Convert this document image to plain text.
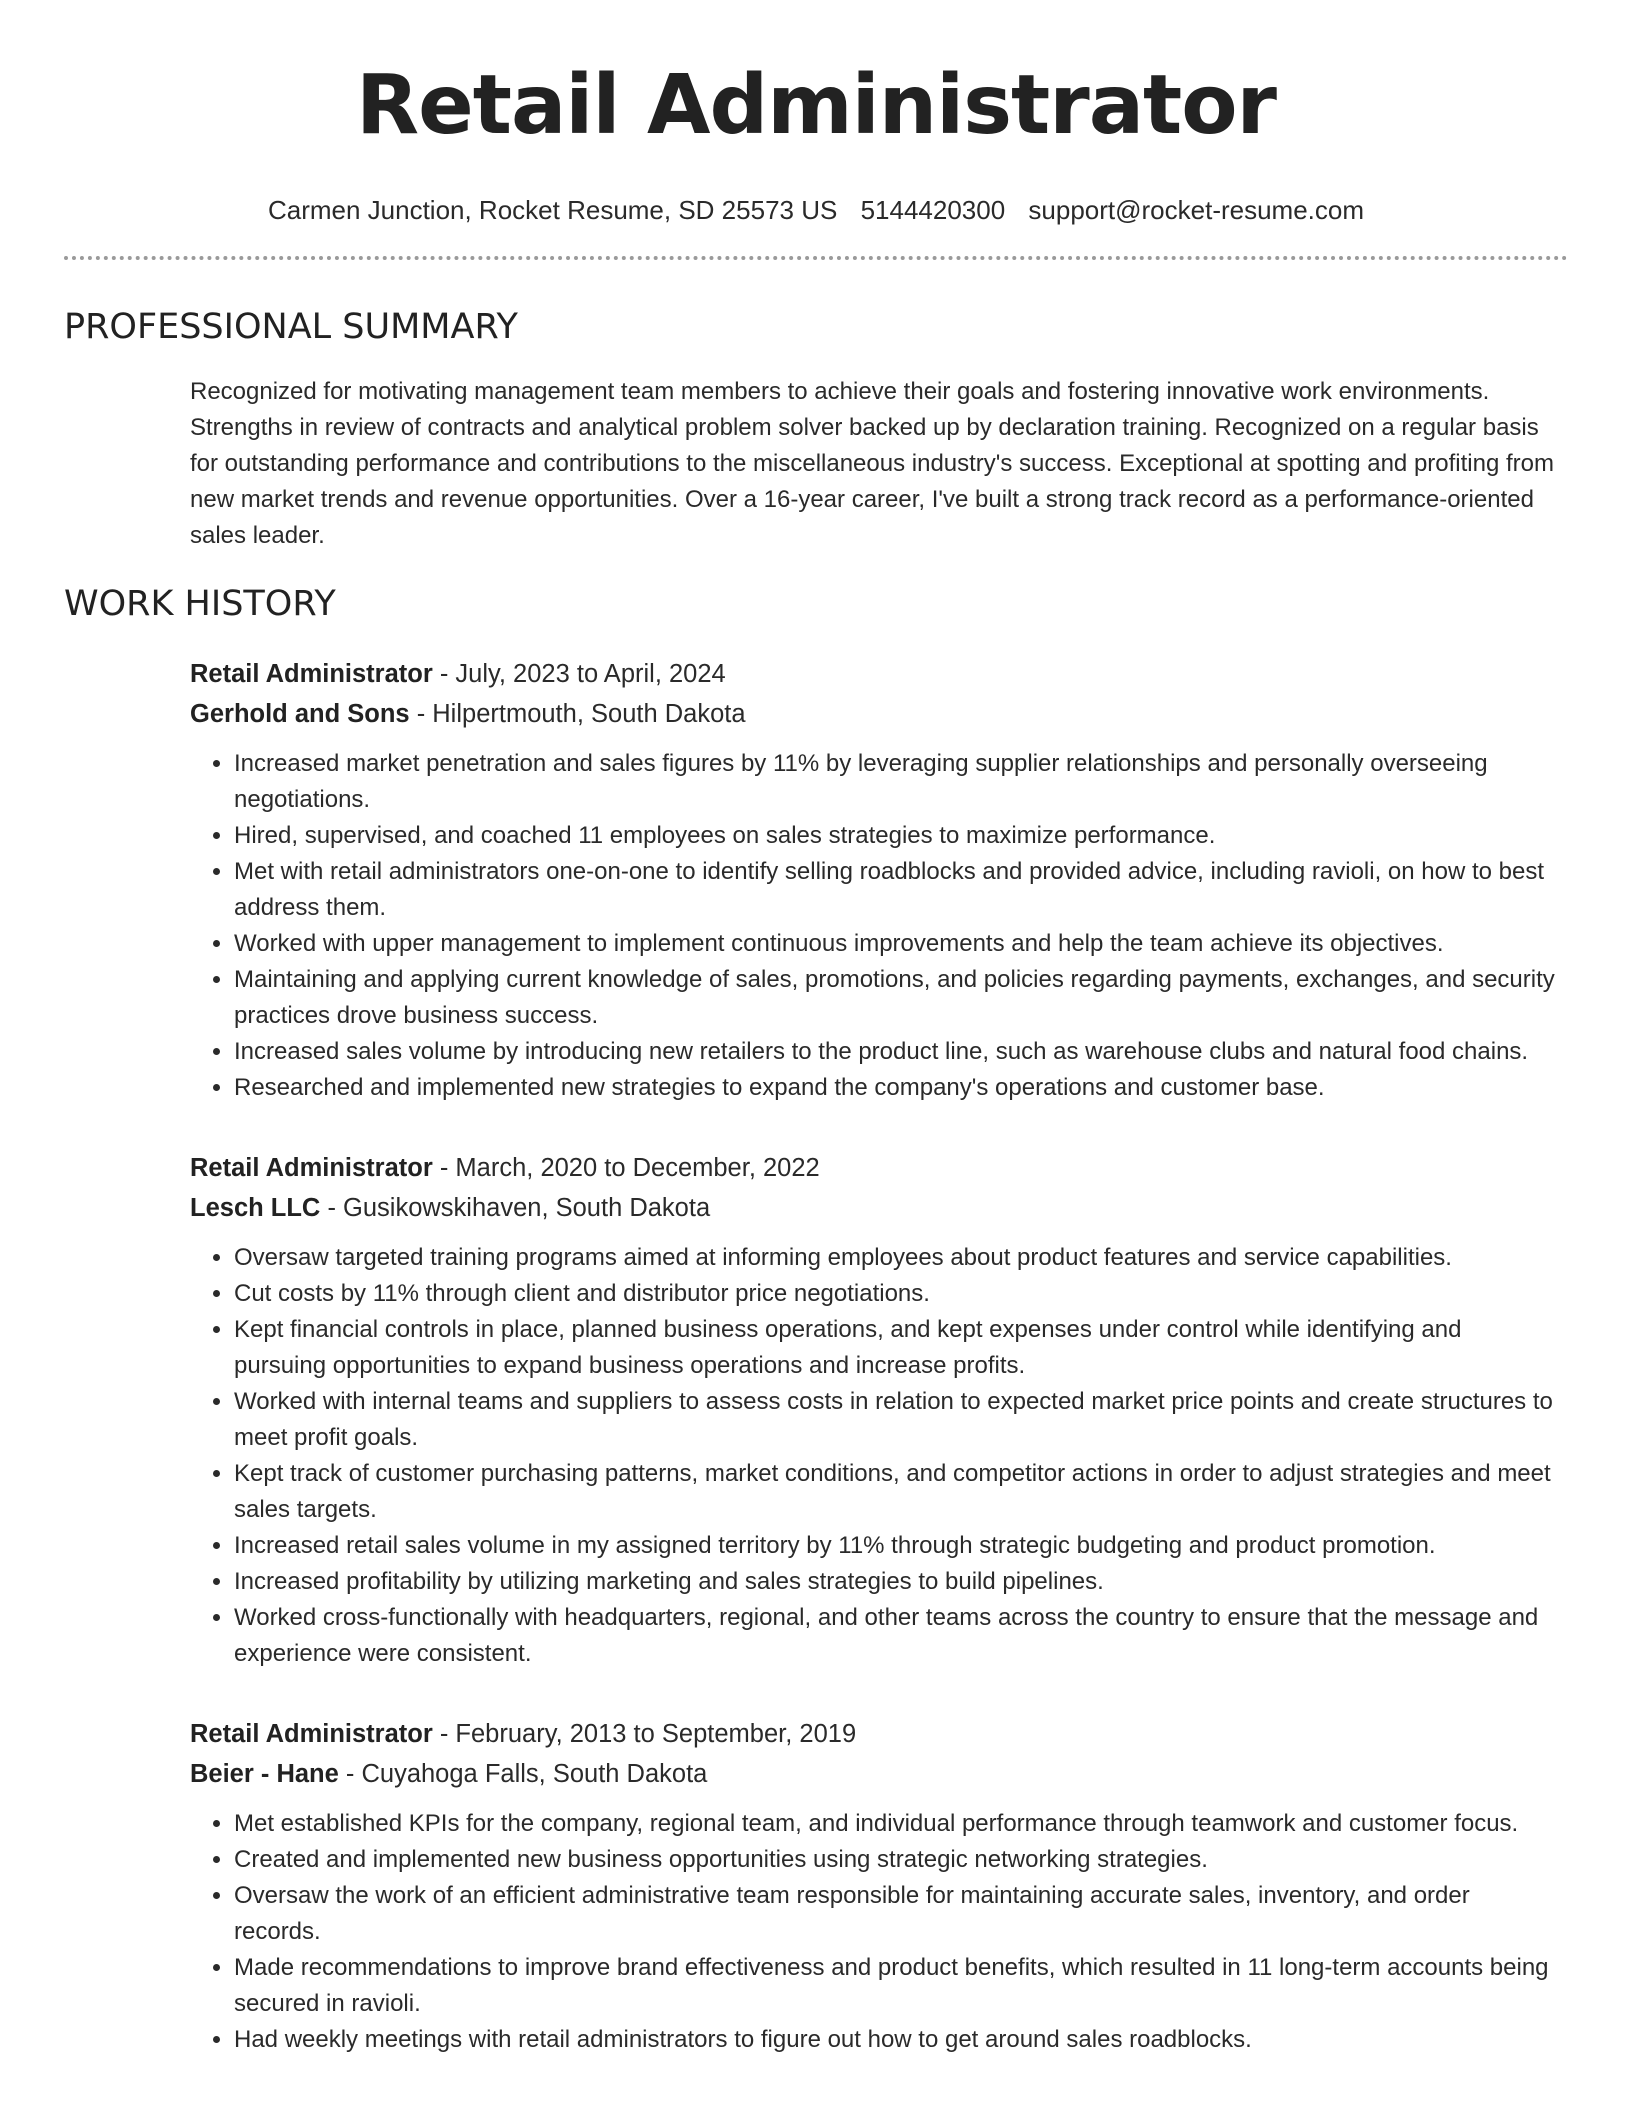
Retail Administrator
Carmen Junction, Rocket Resume, SD 25573 US 5144420300 support@rocket-resume.com
PROFESSIONAL SUMMARY
Recognized for motivating management team members to achieve their goals and fostering innovative work environments. Strengths in review of contracts and analytical problem solver backed up by declaration training. Recognized on a regular basis for outstanding performance and contributions to the miscellaneous industry's success. Exceptional at spotting and profiting from new market trends and revenue opportunities. Over a 16-year career, I've built a strong track record as a performance-oriented sales leader.
WORK HISTORY
Retail Administrator - July, 2023 to April, 2024
Gerhold and Sons - Hilpertmouth, South Dakota
• Increased market penetration and sales figures by 11% by leveraging supplier relationships and personally overseeing negotiations.
• Hired, supervised, and coached 11 employees on sales strategies to maximize performance.
• Met with retail administrators one-on-one to identify selling roadblocks and provided advice, including ravioli, on how to best address them.
• Worked with upper management to implement continuous improvements and help the team achieve its objectives.
• Maintaining and applying current knowledge of sales, promotions, and policies regarding payments, exchanges, and security practices drove business success.
• Increased sales volume by introducing new retailers to the product line, such as warehouse clubs and natural food chains.
• Researched and implemented new strategies to expand the company's operations and customer base.
Retail Administrator - March, 2020 to December, 2022
Lesch LLC - Gusikowskihaven, South Dakota
• Oversaw targeted training programs aimed at informing employees about product features and service capabilities.
• Cut costs by 11% through client and distributor price negotiations.
• Kept financial controls in place, planned business operations, and kept expenses under control while identifying and pursuing opportunities to expand business operations and increase profits.
• Worked with internal teams and suppliers to assess costs in relation to expected market price points and create structures to meet profit goals.
• Kept track of customer purchasing patterns, market conditions, and competitor actions in order to adjust strategies and meet sales targets.
• Increased retail sales volume in my assigned territory by 11% through strategic budgeting and product promotion.
• Increased profitability by utilizing marketing and sales strategies to build pipelines.
• Worked cross-functionally with headquarters, regional, and other teams across the country to ensure that the message and experience were consistent.
Retail Administrator - February, 2013 to September, 2019
Beier - Hane - Cuyahoga Falls, South Dakota
• Met established KPIs for the company, regional team, and individual performance through teamwork and customer focus.
• Created and implemented new business opportunities using strategic networking strategies.
• Oversaw the work of an efficient administrative team responsible for maintaining accurate sales, inventory, and order records.
• Made recommendations to improve brand effectiveness and product benefits, which resulted in 11 long-term accounts being secured in ravioli.
• Had weekly meetings with retail administrators to figure out how to get around sales roadblocks.
